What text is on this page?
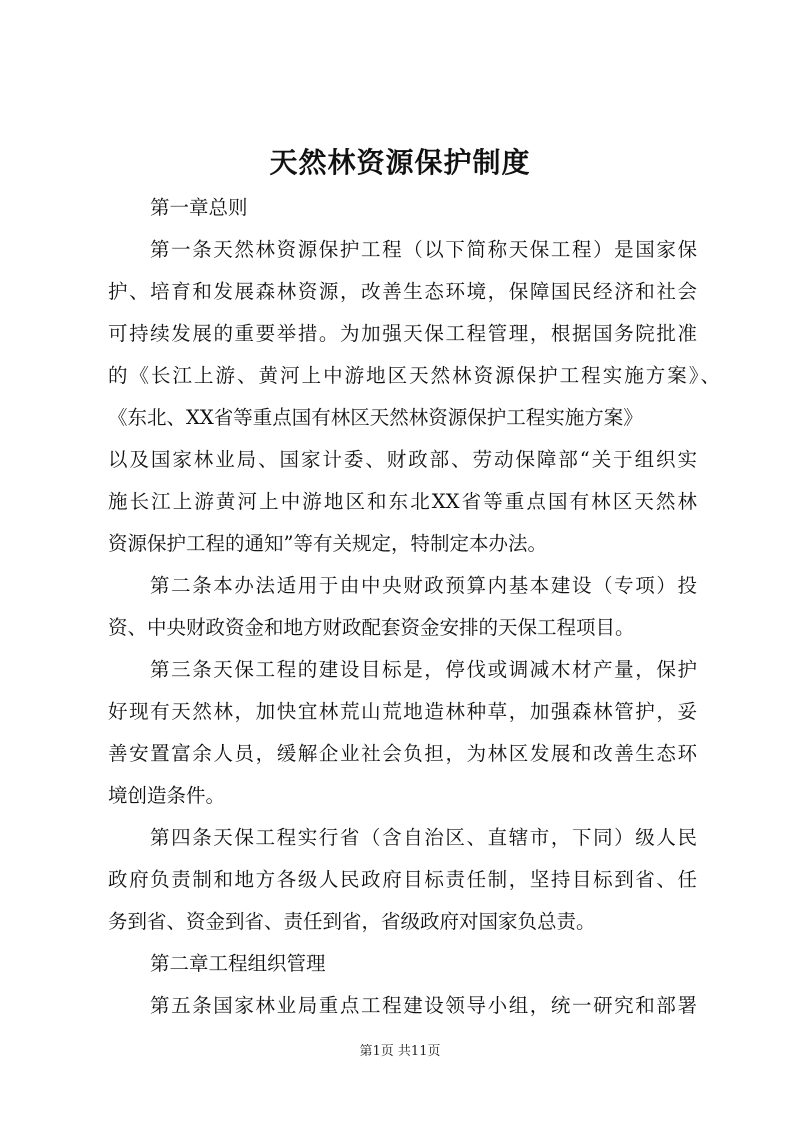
天然林资源保护制度
第一章总则
第一条天然林资源保护工程（以下简称天保工程）是国家保
护、培育和发展森林资源，改善生态环境，保障国民经济和社会
可持续发展的重要举措。为加强天保工程管理，根据国务院批准
的《长江上游、黄河上中游地区天然林资源保护工程实施方案》、
《东北、XX省等重点国有林区天然林资源保护工程实施方案》
以及国家林业局、国家计委、财政部、劳动保障部“关于组织实
施长江上游黄河上中游地区和东北XX省等重点国有林区天然林
资源保护工程的通知”等有关规定，特制定本办法。
第二条本办法适用于由中央财政预算内基本建设（专项）投
资、中央财政资金和地方财政配套资金安排的天保工程项目。
第三条天保工程的建设目标是，停伐或调减木材产量，保护
好现有天然林，加快宜林荒山荒地造林种草，加强森林管护，妥
善安置富余人员，缓解企业社会负担，为林区发展和改善生态环
境创造条件。
第四条天保工程实行省（含自治区、直辖市，下同）级人民
政府负责制和地方各级人民政府目标责任制，坚持目标到省、任
务到省、资金到省、责任到省，省级政府对国家负总责。
第二章工程组织管理
第五条国家林业局重点工程建设领导小组，统一研究和部署
第1页 共11页
